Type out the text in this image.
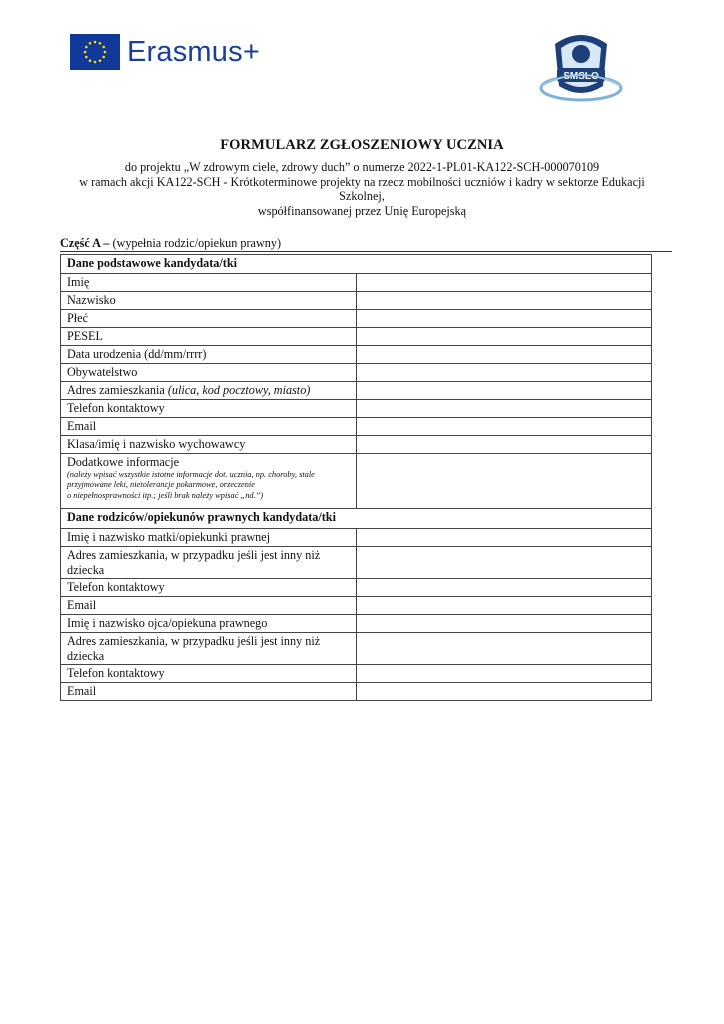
Erasmus+
SMSLO
FORMULARZ ZGŁOSZENIOWY UCZNIA
do projektu „W zdrowym ciele, zdrowy duch” o numerze 2022-1-PL01-KA122-SCH-000070109
w ramach akcji KA122-SCH - Krótkoterminowe projekty na rzecz mobilności uczniów i kadry w sektorze Edukacji
Szkolnej,
współfinansowanej przez Unię Europejską
Część A – (wypełnia rodzic/opiekun prawny)
Dane podstawowe kandydata/tki	
Imię	
Nazwisko	
Płeć	
PESEL	
Data urodzenia (dd/mm/rrrr)	
Obywatelstwo	
Adres zamieszkania (ulica, kod pocztowy, miasto)	
Telefon kontaktowy	
Email	
Klasa/imię i nazwisko wychowawcy	
Dodatkowe informacje
(należy wpisać wszystkie istotne informacje dot. ucznia, np. choroby, stale
przyjmowane leki, nietolerancje pokarmowe, orzeczenie
o niepełnosprawności itp.; jeśli brak należy wpisać „nd.”)	

Dane rodziców/opiekunów prawnych kandydata/tki	
Imię i nazwisko matki/opiekunki prawnej	
Adres zamieszkania, w przypadku jeśli jest inny niż dziecka	
Telefon kontaktowy	
Email	
Imię i nazwisko ojca/opiekuna prawnego	
Adres zamieszkania, w przypadku jeśli jest inny niż dziecka	
Telefon kontaktowy	
Email	
